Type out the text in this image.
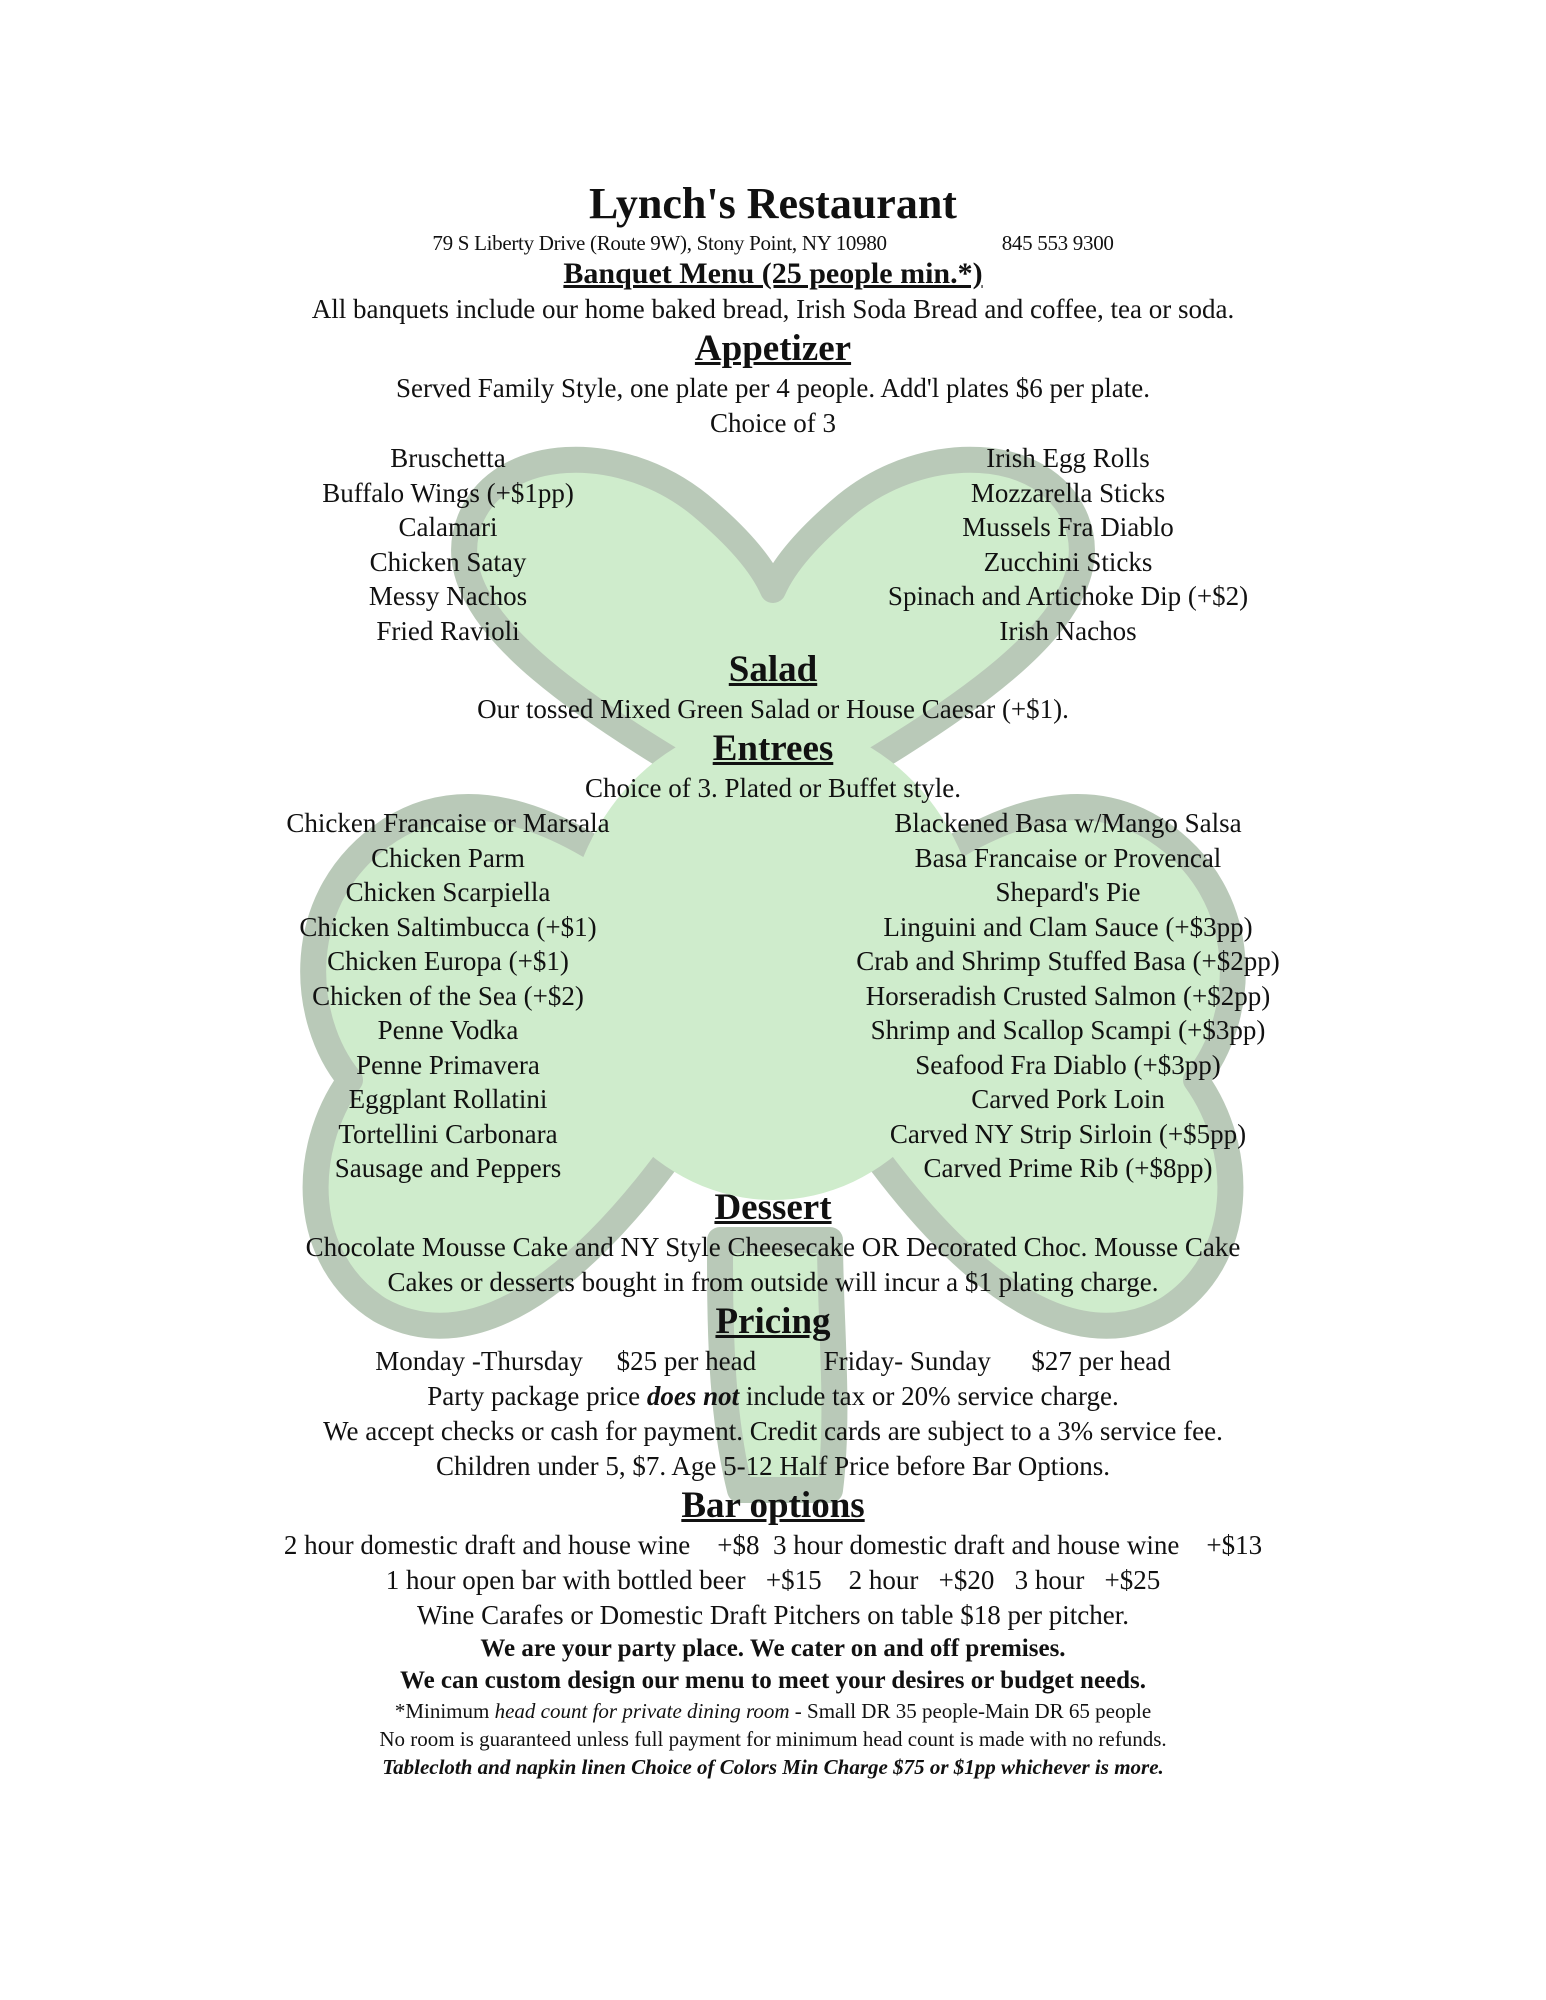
Lynch's Restaurant
79 S Liberty Drive (Route 9W), Stony Point, NY 10980	845 553 9300
Banquet Menu (25 people min.*)
All banquets include our home baked bread, Irish Soda Bread and coffee, tea or soda.
Appetizer
Served Family Style, one plate per 4 people. Add'l plates $6 per plate.
Choice of 3
Bruschetta
Buffalo Wings (+$1pp)
Calamari
Chicken Satay
Messy Nachos
Fried Ravioli
Irish Egg Rolls
Mozzarella Sticks
Mussels Fra Diablo
Zucchini Sticks
Spinach and Artichoke Dip (+$2)
Irish Nachos
Salad
Our tossed Mixed Green Salad or House Caesar (+$1).
Entrees
Choice of 3. Plated or Buffet style.
Chicken Francaise or Marsala
Chicken Parm
Chicken Scarpiella
Chicken Saltimbucca (+$1)
Chicken Europa (+$1)
Chicken of the Sea (+$2)
Penne Vodka
Penne Primavera
Eggplant Rollatini
Tortellini Carbonara
Sausage and Peppers
Blackened Basa w/Mango Salsa
Basa Francaise or Provencal
Shepard's Pie
Linguini and Clam Sauce (+$3pp)
Crab and Shrimp Stuffed Basa (+$2pp)
Horseradish Crusted Salmon (+$2pp)
Shrimp and Scallop Scampi (+$3pp)
Seafood Fra Diablo (+$3pp)
Carved Pork Loin
Carved NY Strip Sirloin (+$5pp)
Carved Prime Rib (+$8pp)
Dessert
Chocolate Mousse Cake and NY Style Cheesecake OR Decorated Choc. Mousse Cake
Cakes or desserts bought in from outside will incur a $1 plating charge.
Pricing
Monday -Thursday $25 per head	Friday- Sunday $27 per head
Party package price does not include tax or 20% service charge.
We accept checks or cash for payment. Credit cards are subject to a 3% service fee.
Children under 5, $7. Age 5-12 Half Price before Bar Options.
Bar options
2 hour domestic draft and house wine    +$8  3 hour domestic draft and house wine    +$13
1 hour open bar with bottled beer   +$15    2 hour   +$20   3 hour   +$25
Wine Carafes or Domestic Draft Pitchers on table $18 per pitcher.
We are your party place. We cater on and off premises.
We can custom design our menu to meet your desires or budget needs.
*Minimum head count for private dining room - Small DR 35 people-Main DR 65 people
No room is guaranteed unless full payment for minimum head count is made with no refunds.
Tablecloth and napkin linen Choice of Colors Min Charge $75 or $1pp whichever is more.
